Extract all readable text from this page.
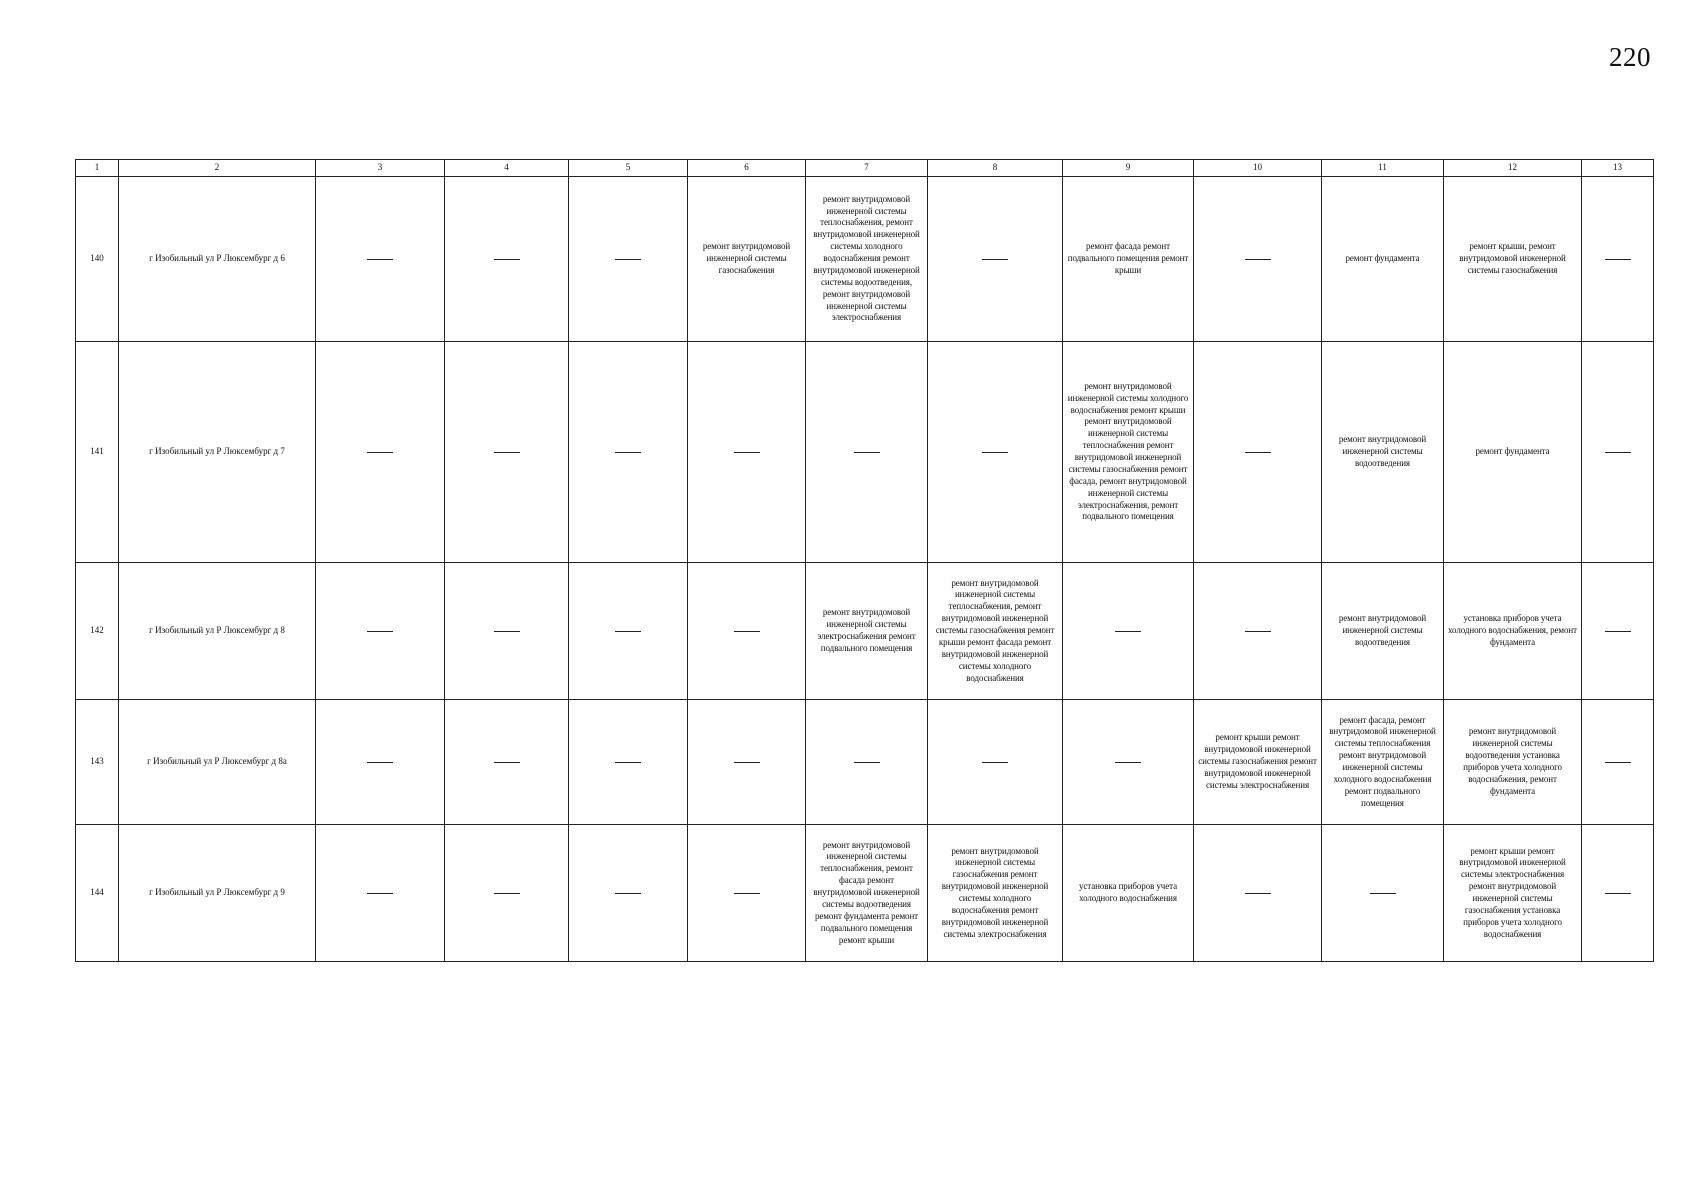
220
1	2	3	4	5	6	7	8	9	10	11	12	13
140	г Изобильный ул Р Люксембург д 6				ремонт внутридомовой инженерной системы газоснабжения	ремонт внутридомовой инженерной системы теплоснабжения, ремонт внутридомовой инженерной системы холодного водоснабжения ремонт внутридомовой инженерной системы водоотведения, ремонт внутридомовой инженерной системы электроснабжения		ремонт фасада ремонт подвального помещения ремонт крыши		ремонт фундамента	ремонт крыши, ремонт внутридомовой инженерной системы газоснабжения	
141	г Изобильный ул Р Люксембург д 7							ремонт внутридомовой инженерной системы холодного водоснабжения ремонт крыши ремонт внутридомовой инженерной системы теплоснабжения ремонт внутридомовой инженерной системы газоснабжения ремонт фасада, ремонт внутридомовой инженерной системы электроснабжения, ремонт подвального помещения		ремонт внутридомовой инженерной системы водоотведения	ремонт фундамента	
142	г Изобильный ул Р Люксембург д 8					ремонт внутридомовой инженерной системы электроснабжения ремонт подвального помещения	ремонт внутридомовой инженерной системы теплоснабжения, ремонт внутридомовой инженерной системы газоснабжения ремонт крыши ремонт фасада ремонт внутридомовой инженерной системы холодного водоснабжения			ремонт внутридомовой инженерной системы водоотведения	установка приборов учета холодного водоснабжения, ремонт фундамента	
143	г Изобильный ул Р Люксембург д 8а								ремонт крыши ремонт внутридомовой инженерной системы газоснабжения ремонт внутридомовой инженерной системы электроснабжения	ремонт фасада, ремонт внутридомовой инженерной системы теплоснабжения ремонт внутридомовой инженерной системы холодного водоснабжения ремонт подвального помещения	ремонт внутридомовой инженерной системы водоотведения установка приборов учета холодного водоснабжения, ремонт фундамента	
144	г Изобильный ул Р Люксембург д 9					ремонт внутридомовой инженерной системы теплоснабжения, ремонт фасада ремонт внутридомовой инженерной системы водоотведения ремонт фундамента ремонт подвального помещения ремонт крыши	ремонт внутридомовой инженерной системы газоснабжения ремонт внутридомовой инженерной системы холодного водоснабжения ремонт внутридомовой инженерной системы электроснабжения	установка приборов учета холодного водоснабжения			ремонт крыши ремонт внутридомовой инженерной системы электроснабжения ремонт внутридомовой инженерной системы газоснабжения установка приборов учета холодного водоснабжения	
